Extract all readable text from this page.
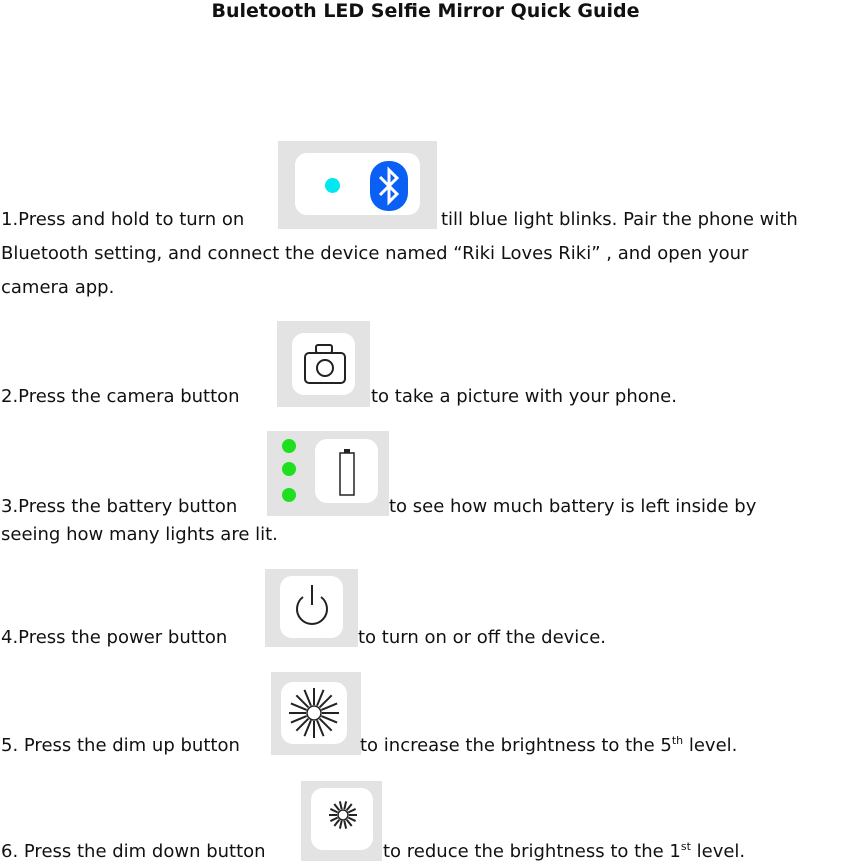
Buletooth LED Selfie Mirror Quick Guide
1.Press and hold to turn on	till blue light blinks. Pair the phone with
Bluetooth setting, and connect the device named “Riki Loves Riki” , and open your
camera app.
2.Press the camera button	to take a picture with your phone.
3.Press the battery button	to see how much battery is left inside by
seeing how many lights are lit.
4.Press the power button	to turn on or off the device.
5. Press the dim up button	to increase the brightness to the 5th level.
6. Press the dim down button	to reduce the brightness to the 1st level.
